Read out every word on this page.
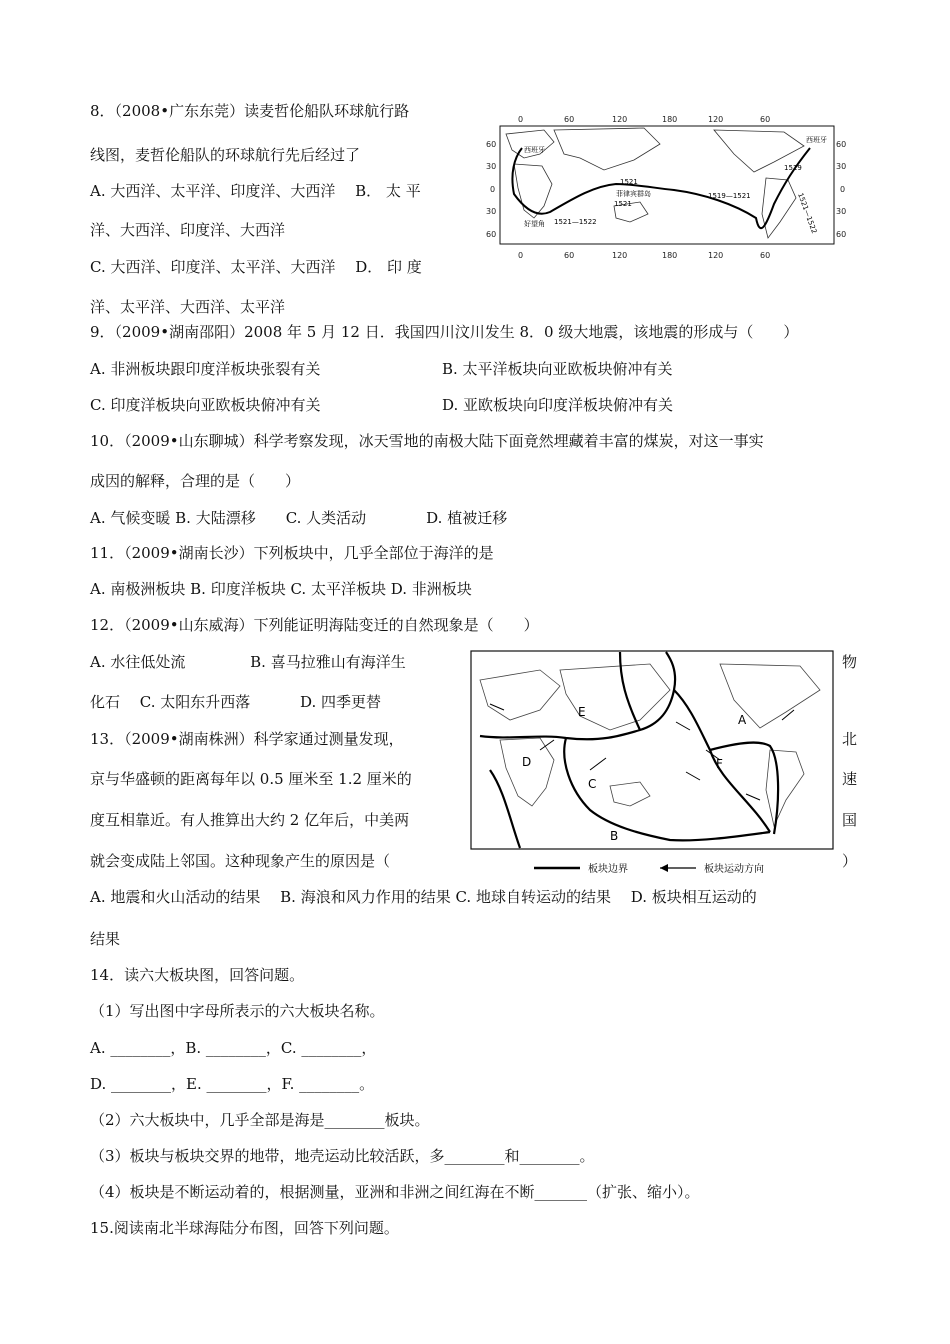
8．（2008•广东东莞）读麦哲伦船队环球航行路
线图，麦哲伦船队的环球航行先后经过了
A. 大西洋、太平洋、印度洋、大西洋　 B． 太 平
洋、大西洋、印度洋、大西洋
C. 大西洋、印度洋、太平洋、大西洋　 D． 印 度
洋、太平洋、大西洋、太平洋
0	60	120	180	120	60
0	60	120	180	120	60
60
30
0
30
60
60
30
0
30
60
西班牙
西班牙
菲律宾群岛
好望角
1521
1521
1521—1522
1519—1521
1519
1521—1522
9．（2009•湖南邵阳）2008 年 5 月 12 日．我国四川汶川发生 8．0 级大地震，该地震的形成与（　　）
A. 非洲板块跟印度洋板块张裂有关	B. 太平洋板块向亚欧板块俯冲有关
C. 印度洋板块向亚欧板块俯冲有关	D. 亚欧板块向印度洋板块俯冲有关
10．（2009•山东聊城）科学考察发现，冰天雪地的南极大陆下面竟然埋藏着丰富的煤炭，对这一事实
成因的解释，合理的是（　　）
A. 气候变暖 B. 大陆漂移　　C. 人类活动　　　　D. 植被迁移
11．（2009•湖南长沙）下列板块中，几乎全部位于海洋的是
A. 南极洲板块 B. 印度洋板块 C. 太平洋板块 D. 非洲板块
12．（2009•山东威海）下列能证明海陆变迁的自然现象是（　　）
A. 水往低处流　　　　 B. 喜马拉雅山有海洋生	物
化石　 C. 太阳东升西落　　　 D. 四季更替
13．（2009•湖南株洲）科学家通过测量发现，	北
京与华盛顿的距离每年以 0.5 厘米至 1.2 厘米的	速
度互相靠近。有人推算出大约 2 亿年后，中美两	国
就会变成陆上邻国。这种现象产生的原因是（	）
A. 地震和火山活动的结果　 B. 海浪和风力作用的结果 C. 地球自转运动的结果　 D. 板块相互运动的
结果
A
B
C
D
E
F
板块边界	板块运动方向
14．读六大板块图，回答问题。
（1）写出图中字母所表示的六大板块名称。
A. ________，B. ________，C. ________，
D. ________，E. ________，F. ________。
（2）六大板块中，几乎全部是海是________板块。
（3）板块与板块交界的地带，地壳运动比较活跃，多________和________。
（4）板块是不断运动着的，根据测量，亚洲和非洲之间红海在不断_______（扩张、缩小）。
15.阅读南北半球海陆分布图，回答下列问题。
